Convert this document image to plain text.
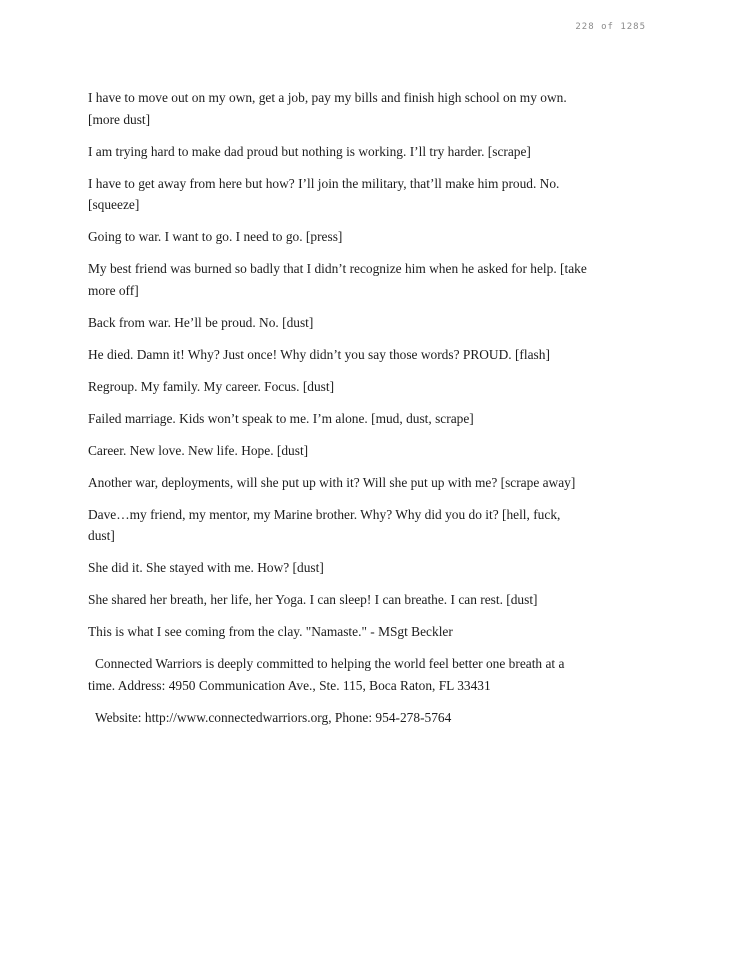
228 of 1285

I have to move out on my own, get a job, pay my bills and finish high school on my own. [more dust]

I am trying hard to make dad proud but nothing is working. I’ll try harder. [scrape]

I have to get away from here but how? I’ll join the military, that’ll make him proud. No. [squeeze]

Going to war. I want to go. I need to go. [press]

My best friend was burned so badly that I didn’t recognize him when he asked for help. [take more off]

Back from war. He’ll be proud. No. [dust]

He died. Damn it! Why? Just once! Why didn’t you say those words? PROUD. [flash]

Regroup. My family. My career. Focus. [dust]

Failed marriage. Kids won’t speak to me. I’m alone. [mud, dust, scrape]

Career. New love. New life. Hope. [dust]

Another war, deployments, will she put up with it? Will she put up with me? [scrape away]

Dave…my friend, my mentor, my Marine brother. Why? Why did you do it? [hell, fuck, dust]

She did it. She stayed with me. How? [dust]

She shared her breath, her life, her Yoga. I can sleep! I can breathe. I can rest. [dust]

This is what I see coming from the clay. "Namaste." - MSgt Beckler

Connected Warriors is deeply committed to helping the world feel better one breath at a time. Address: 4950 Communication Ave., Ste. 115, Boca Raton, FL 33431

Website: http://www.connectedwarriors.org, Phone: 954-278-5764
